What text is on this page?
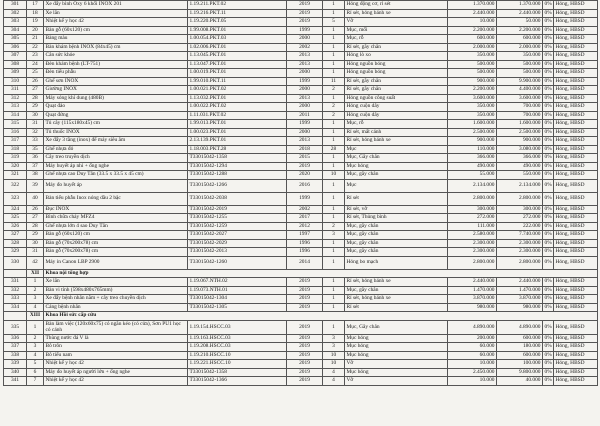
301	17	Xe đẩy bình Oxy 6 khối INOX 201	1.19.211.PKT.02	2019	1	Hỏng động cơ, rỉ sét	1.370.000	1.370.000	0%	Hỏng, HBSD
302	18	Xe lăn	1.19.216.PKT.11	2019	1	Rỉ sét, hỏng bánh xe	2.440.000	2.440.000	0%	Hỏng, HBSD
303	19	Nhiệt kế y học 42	1.19.220.PKT.05	2019	5	Vỡ	10.000	50.000	0%	Hỏng, HBSD
304	20	Bàn gỗ (60x120) cm	1.99.008.PKT.01	1999	1	Mục, mối	2.200.000	2.200.000	0%	Hỏng, HBSD
305	21	Bàng màu	1.00.054.PKT.03	2000	1	Mục, rỗ	600.000	600.000	0%	Hỏng, HBSD
306	22	Bàn khám bệnh INOX (84x45) cm	1.02.006.PKT.01	2002	1	Rỉ sét, gãy chân	2.000.000	2.000.000	0%	Hỏng, HBSD
307	23	Cân sức khỏe	1.13.045.PKT.01	2013	1	Hỏng lò xo	350.000	350.000	0%	Hỏng, HBSD
308	24	Đèn khám bệnh (LT-751)	1.13.047.PKT.01	2013	1	Hỏng nguồn bóng	500.000	500.000	0%	Hỏng, HBSD
309	25	Đèn tiểu phẫu	1.00.019.PKT.01	2000	1	Hỏng nguồn bóng	500.000	500.000	0%	Hỏng, HBSD
310	26	Ghế sơn INOX	1.99.010.PKT.11	1999	11	Rỉ sét, gãy chân	900.000	9.900.000	0%	Hỏng, HBSD
311	27	Giường INOX	1.00.021.PKT.02	2000	2	Rỉ sét, gãy chân	2.200.000	4.400.000	0%	Hỏng, HBSD
312	28	Máy sóng khí dung (480B)	1.13.032.PKT.01	2013	1	Hỏng nguồn công suất	3.600.000	3.600.000	0%	Hỏng, HBSD
313	29	Quạt đảo	1.00.022.PKT.02	2000	2	Hỏng cuộn dây	350.000	700.000	0%	Hỏng, HBSD
314	30	Quạt đứng	1.11.031.PKT.02	2011	2	Hỏng cuộn dây	350.000	700.000	0%	Hỏng, HBSD
315	31	Tủ cây (115x180x45) cm	1.99.013.PKT.01	1999	1	Mục, rỗ	1.600.000	1.600.000	0%	Hỏng, HBSD
316	32	Tủ thuốc INOX	1.00.023.PKT.01	2000	1	Rỉ sét, mất cánh	2.500.000	2.500.000	0%	Hỏng, HBSD
317	33	Xe đẩy 3 tầng (inox) để máy siêu âm	2.13.139.PKT.01	2013	1	Rỉ sét, hỏng bánh xe	900.000	900.000	0%	Hỏng, HBSD
318	35	Ghế nhựa đỏ	1.18.003.PKT.28	2018	28	Mục	110.000	3.080.000	0%	Hỏng, HBSD
319	36	Cây treo truyền dịch	T33015042-1358	2015	1	Mục, Gãy chân	366.000	366.000	0%	Hỏng, HBSD
320	37	Máy huyết áp nhi + ống nghe	T33015042-1294	2019	1	Mục hỏng	490.000	490.000	0%	Hỏng, HBSD
321	38	Ghế nhựa cao Duy Tân (33.5 x 33.5 x 45 cm)	T33015042-1288	2020	10	Mục, gãy chân	55.000	550.000	0%	Hỏng, HBSD
322	39	Máy đo huyết áp	T33015042-1266	2016	1	Mục	2.134.000	2.134.000	0%	Hỏng, HBSD
323	40	Bàn tiểu phẫu Inox nóng dầu 2 bậc	T33015042-2038	1999	1	Rỉ sét	2.800.000	2.800.000	0%	Hỏng, HBSD
324	26	Đục INOX	T33015042-2019	2002	1	Rỉ sét, vỡ	300.000	300.000	0%	Hỏng, HBSD
325	27	Bình chữa cháy MFZ4	T33015042-1255	2017	1	Rỉ sét, Thủng bình	272.000	272.000	0%	Hỏng, HBSD
326	28	Ghế nhựa lớn 4 sao Duy Tân	T33015042-1259	2012	2	Mục, gãy chân	111.000	222.000	0%	Hỏng, HBSD
327	29	Bàn gỗ (60x120) cm	T33015042-2027	1997	3	Mục, gãy chân	2.580.000	7.740.000	0%	Hỏng, HBSD
328	30	Bàn gỗ (70x200x78) cm	T33015042-2029	1996	1	Mục, gãy chân	2.300.000	2.300.000	0%	Hỏng, HBSD
329	31	Bàn gỗ (70x200x78) cm	T33015042-2013	1996	1	Mục, gãy chân	2.300.000	2.300.000	0%	Hỏng, HBSD
330	42	Máy in Canon LBP 2900	T33015042-1260	2014	1	Hỏng bo mạch	2.800.000	2.800.000	0%	Hỏng, HBSD
	XII	Khoa nội tổng hợp								
331	1	Xe lăn	1.19.067.NTH.02	2019	1	Rỉ sét, hỏng bánh xe	2.440.000	2.440.000	0%	Hỏng, HBSD
332	2	Bàn vi tính (598x480x765mm)	1.19.073.NTH.01	2019	1	Mục, gãy chân	1.470.000	1.470.000	0%	Hỏng, HBSD
333	3	Xe đẩy bệnh nhân nằm + cây treo chuyền dịch	T33015042-1304	2019	1	Rỉ sét, hỏng bánh xe	3.870.000	3.870.000	0%	Hỏng, HBSD
334	4	Cáng bệnh nhân	T33015042-1305	2019	1	Rỉ sét	980.000	980.000	0%	Hỏng, HBSD
	XIII	Khoa Hồi sức cấp cứu								
335	1	Bàn làm việc (120x60x75) có ngăn kéo (có cửa), Sơn PU1 học có cánh	1.19.154.HSCC.03	2019	1	Mục, Gãy chân	4.890.000	4.890.000	0%	Hỏng, HBSD
336	2	Thùng nước đá V là	1.19.163.HSCC.03	2019	3	Mục hỏng	200.000	600.000	0%	Hỏng, HBSD
337	3	Bô trôn	1.19.208.HSCC.03	2019	3	Mục hỏng	60.000	180.000	0%	Hỏng, HBSD
338	4	Bô tiểu nam	1.19.210.HSCC.10	2019	10	Mục hỏng	60.000	600.000	0%	Hỏng, HBSD
339	5	Nhiệt kế y học 42	1.19.221.HSCC.10	2019	10	Vỡ	10.000	100.000	0%	Hỏng, HBSD
340	6	Máy đo huyết áp người lớn + ống nghe	T33015042-1358	2019	4	Mục hỏng	2.450.000	9.800.000	0%	Hỏng, HBSD
341	7	Nhiệt kế y học 42	T33015042-1366	2019	4	Vỡ	10.000	40.000	0%	Hỏng, HBSD
